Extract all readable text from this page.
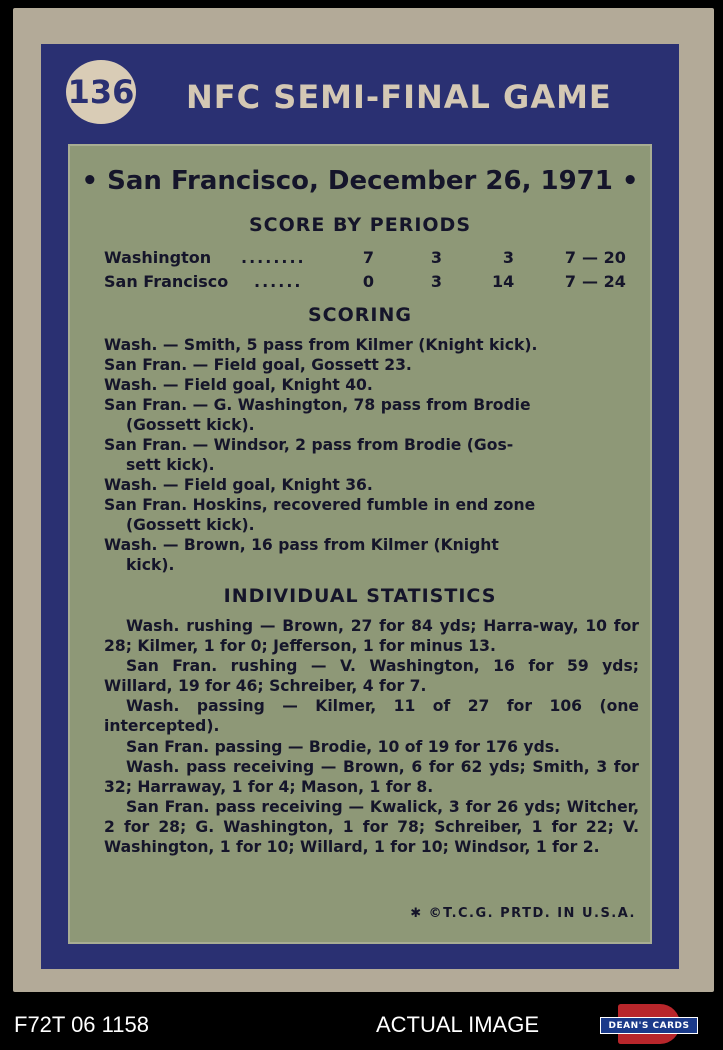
• San Francisco, December 26, 1971 •
SCORE BY PERIODS
Washington ........	7	3	3	7 — 20
San Francisco ......	0	3	14	7 — 24
SCORING
Wash. — Smith, 5 pass from Kilmer (Knight kick).
San Fran. — Field goal, Gossett 23.
Wash. — Field goal, Knight 40.
San Fran. — G. Washington, 78 pass from Brodie
(Gossett kick).
San Fran. — Windsor, 2 pass from Brodie (Gos-
sett kick).
Wash. — Field goal, Knight 36.
San Fran. Hoskins, recovered fumble in end zone
(Gossett kick).
Wash. — Brown, 16 pass from Kilmer (Knight
kick).
INDIVIDUAL STATISTICS
Wash. rushing — Brown, 27 for 84 yds; Harra-way, 10 for 28; Kilmer, 1 for 0; Jefferson, 1 for minus 13.
San Fran. rushing — V. Washington, 16 for 59 yds; Willard, 19 for 46; Schreiber, 4 for 7.
Wash. passing — Kilmer, 11 of 27 for 106 (one intercepted).
San Fran. passing — Brodie, 10 of 19 for 176 yds.
Wash. pass receiving — Brown, 6 for 62 yds; Smith, 3 for 32; Harraway, 1 for 4; Mason, 1 for 8.
San Fran. pass receiving — Kwalick, 3 for 26 yds; Witcher, 2 for 28; G. Washington, 1 for 78; Schreiber, 1 for 22; V. Washington, 1 for 10; Willard, 1 for 10; Windsor, 1 for 2.
✱ ©T.C.G. PRTD. IN U.S.A.
136 NFC SEMI-FINAL GAME
F72T 06 1158	ACTUAL IMAGE	DEAN'S CARDS
